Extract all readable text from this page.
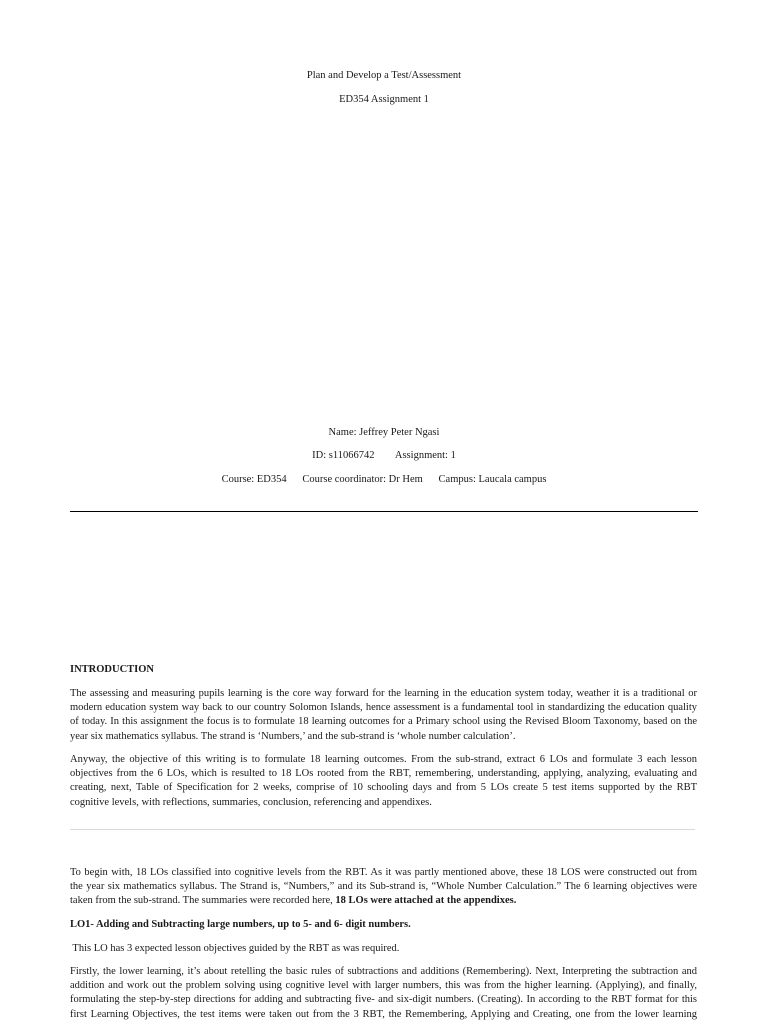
Plan and Develop a Test/Assessment
ED354 Assignment 1
Name: Jeffrey Peter Ngasi
ID: s11066742 Assignment: 1
Course: ED354 Course coordinator: Dr Hem Campus: Laucala campus
INTRODUCTION

The assessing and measuring pupils learning is the core way forward for the learning in the education system today, weather it is a traditional or
modern education system way back to our country Solomon Islands, hence assessment is a fundamental tool in standardizing the education quality
of today. In this assignment the focus is to formulate 18 learning outcomes for a Primary school using the Revised Bloom Taxonomy, based on the
year six mathematics syllabus. The strand is ‘Numbers,’ and the sub-strand is ‘whole number calculation’.

Anyway, the objective of this writing is to formulate 18 learning outcomes. From the sub-strand, extract 6 LOs and formulate 3 each lesson
objectives from the 6 LOs, which is resulted to 18 LOs rooted from the RBT, remembering, understanding, applying, analyzing, evaluating and
creating, next, Table of Specification for 2 weeks, comprise of 10 schooling days and from 5 LOs create 5 test items supported by the RBT
cognitive levels, with reflections, summaries, conclusion, referencing and appendixes.

To begin with, 18 LOs classified into cognitive levels from the RBT. As it was partly mentioned above, these 18 LOS were constructed out from
the year six mathematics syllabus. The Strand is, “Numbers,” and its Sub-strand is, “Whole Number Calculation.” The 6 learning objectives were
taken from the sub-strand. The summaries were recorded here, 18 LOs were attached at the appendixes.

LO1- Adding and Subtracting large numbers, up to 5- and 6- digit numbers.
This LO has 3 expected lesson objectives guided by the RBT as was required.

Firstly, the lower learning, it’s about retelling the basic rules of subtractions and additions (Remembering). Next, Interpreting the subtraction and
addition and work out the problem solving using cognitive level with larger numbers, this was from the higher learning. (Applying), and finally,
formulating the step-by-step directions for adding and subtracting five- and six-digit numbers. (Creating). In according to the RBT format for this
first Learning Objectives, the test items were taken out from the 3 RBT, the Remembering, Applying and Creating, one from the lower learning
